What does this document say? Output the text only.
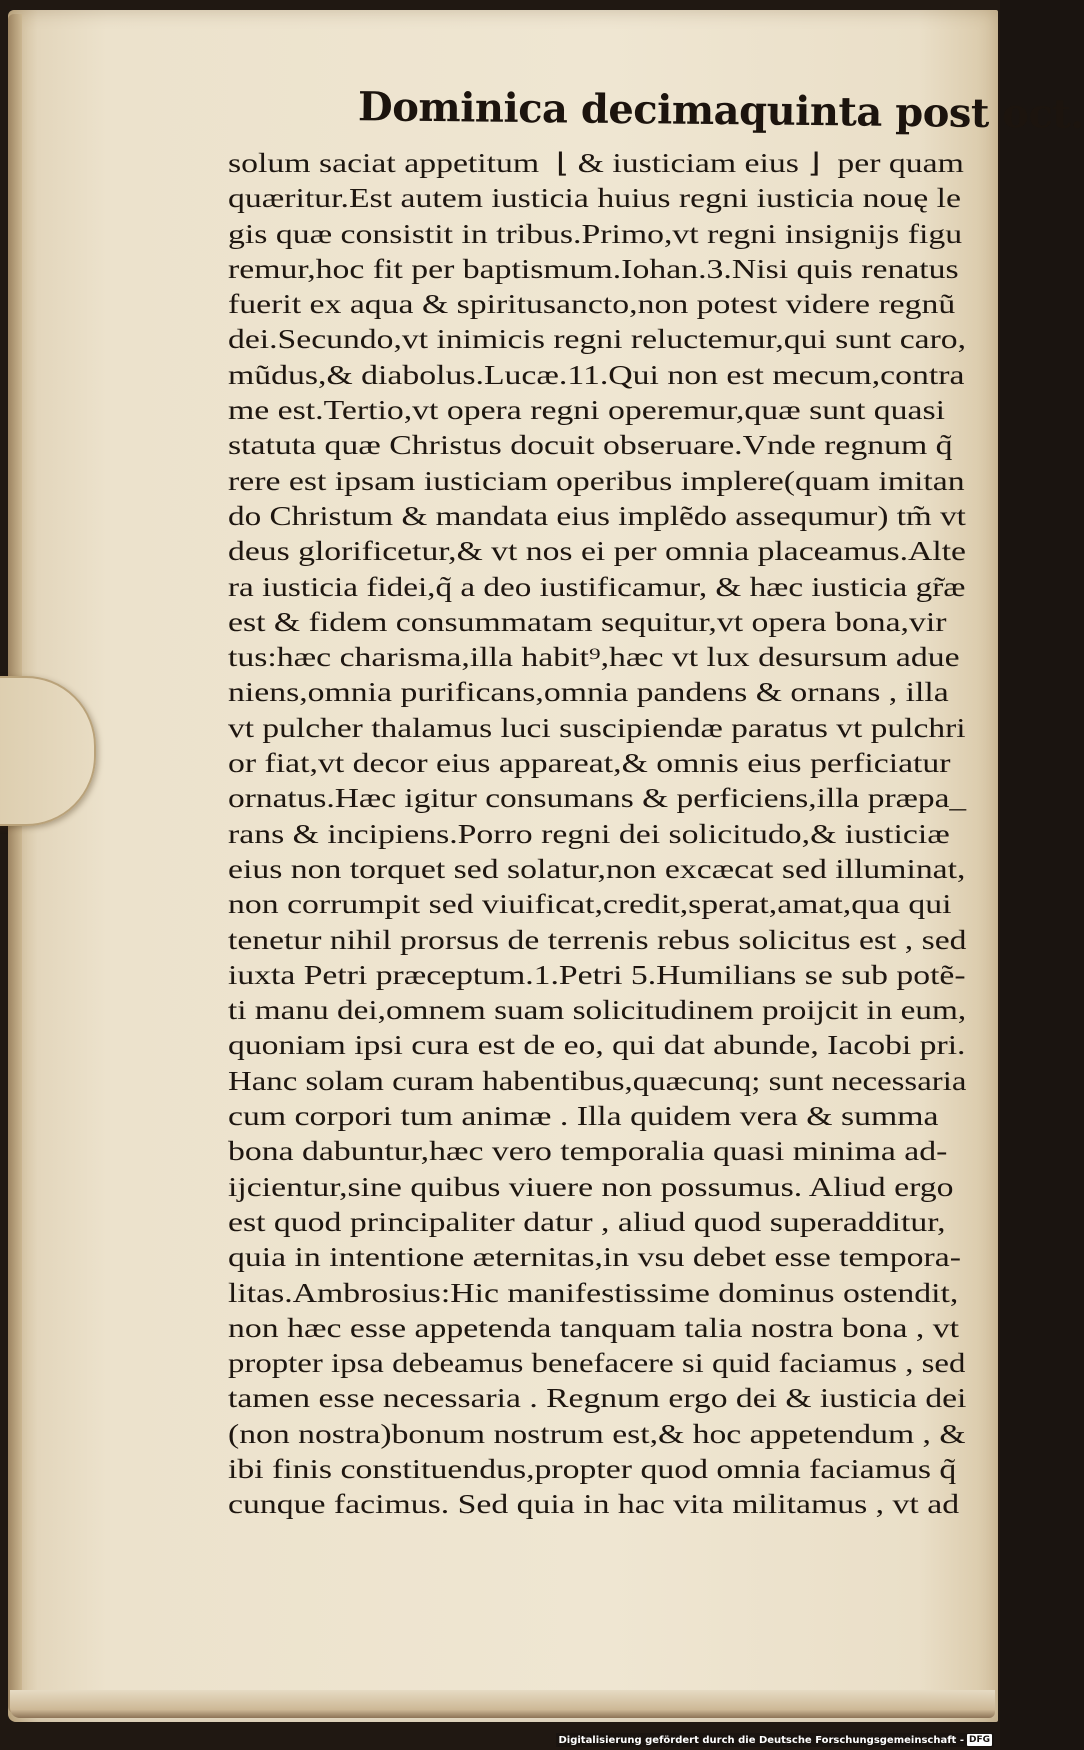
Dominica decimaquinta post oct.
solum saciat appetitum  ⌊ & iusticiam eius ⌋  per quam
quæritur.Est autem iusticia huius regni iusticia nouę le
gis quæ consistit in tribus.Primo,vt regni insignijs figu
remur,hoc fit per baptismum.Iohan.3.Nisi quis renatus
fuerit ex aqua & spiritusancto,non potest videre regnũ
dei.Secundo,vt inimicis regni reluctemur,qui sunt caro,
mũdus,& diabolus.Lucæ.11.Qui non est mecum,contra
me est.Tertio,vt opera regni operemur,quæ sunt quasi
statuta quæ Christus docuit obseruare.Vnde regnum q̃
rere est ipsam iusticiam operibus implere(quam imitan
do Christum & mandata eius implẽdo assequmur) tm̃ vt
deus glorificetur,& vt nos ei per omnia placeamus.Alte
ra iusticia fidei,q̃ a deo iustificamur, & hæc iusticia gr̃æ
est & fidem consummatam sequitur,vt opera bona,vir
tus:hæc charisma,illa habit⁹,hæc vt lux desursum adue
niens,omnia purificans,omnia pandens & ornans , illa
vt pulcher thalamus luci suscipiendæ paratus vt pulchri
or fiat,vt decor eius appareat,& omnis eius perficiatur
ornatus.Hæc igitur consumans & perficiens,illa præpa_
rans & incipiens.Porro regni dei solicitudo,& iusticiæ
eius non torquet sed solatur,non excæcat sed illuminat,
non corrumpit sed viuificat,credit,sperat,amat,qua qui
tenetur nihil prorsus de terrenis rebus solicitus est , sed
iuxta Petri præceptum.1.Petri 5.Humilians se sub potẽ-
ti manu dei,omnem suam solicitudinem proijcit in eum,
quoniam ipsi cura est de eo, qui dat abunde, Iacobi pri.
Hanc solam curam habentibus,quæcunq; sunt necessaria
cum corpori tum animæ . Illa quidem vera & summa
bona dabuntur,hæc vero temporalia quasi minima ad-
ijcientur,sine quibus viuere non possumus. Aliud ergo
est quod principaliter datur , aliud quod superadditur,
quia in intentione æternitas,in vsu debet esse tempora-
litas.Ambrosius:Hic manifestissime dominus ostendit,
non hæc esse appetenda tanquam talia nostra bona , vt
propter ipsa debeamus benefacere si quid faciamus , sed
tamen esse necessaria . Regnum ergo dei & iusticia dei
(non nostra)bonum nostrum est,& hoc appetendum , &
ibi finis constituendus,propter quod omnia faciamus q̃
cunque facimus. Sed quia in hac vita militamus , vt ad
Digitalisierung gefördert durch die Deutsche Forschungsgemeinschaft - DFG
